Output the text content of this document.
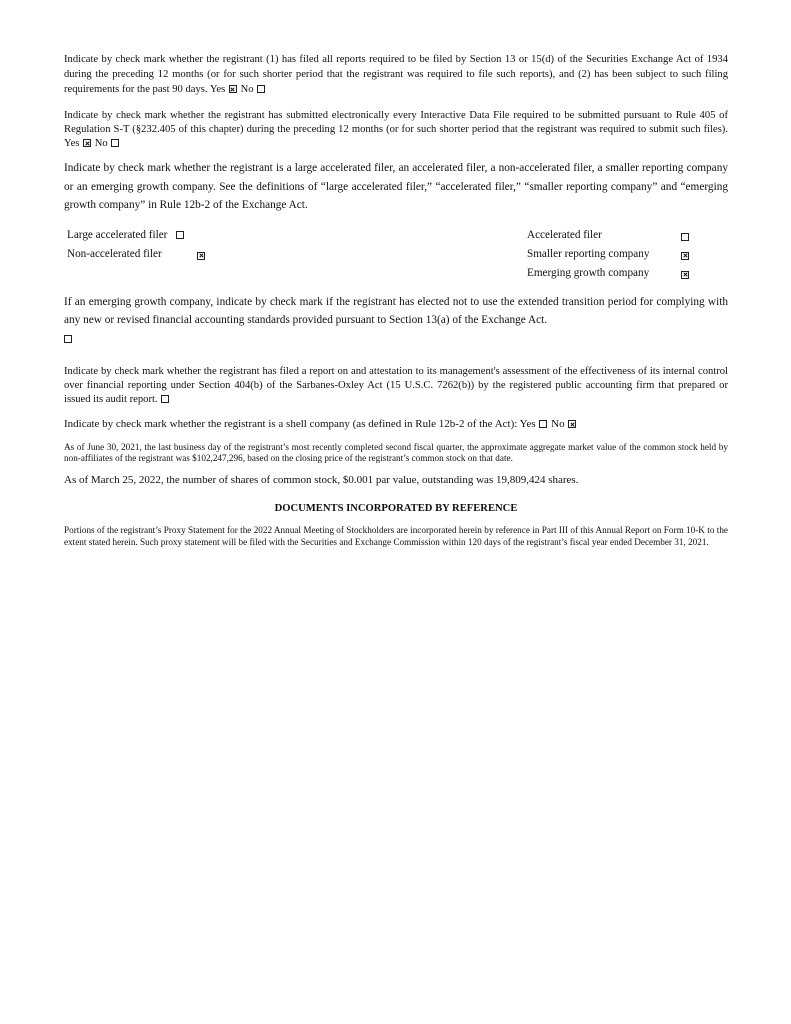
Indicate by check mark whether the registrant (1) has filed all reports required to be filed by Section 13 or 15(d) of the Securities Exchange Act of 1934 during the preceding 12 months (or for such shorter period that the registrant was required to file such reports), and (2) has been subject to such filing requirements for the past 90 days. Yes No

Indicate by check mark whether the registrant has submitted electronically every Interactive Data File required to be submitted pursuant to Rule 405 of Regulation S-T (§232.405 of this chapter) during the preceding 12 months (or for such shorter period that the registrant was required to submit such files). Yes No

Indicate by check mark whether the registrant is a large accelerated filer, an accelerated filer, a non-accelerated filer, a smaller reporting company or an emerging growth company. See the definitions of “large accelerated filer,” “accelerated filer,” “smaller reporting company” and “emerging growth company” in Rule 12b-2 of the Exchange Act.

Large accelerated filer
Non-accelerated filer
Accelerated filer
Smaller reporting company
Emerging growth company

If an emerging growth company, indicate by check mark if the registrant has elected not to use the extended transition period for complying with any new or revised financial accounting standards provided pursuant to Section 13(a) of the Exchange Act.

Indicate by check mark whether the registrant has filed a report on and attestation to its management's assessment of the effectiveness of its internal control over financial reporting under Section 404(b) of the Sarbanes-Oxley Act (15 U.S.C. 7262(b)) by the registered public accounting firm that prepared or issued its audit report.

Indicate by check mark whether the registrant is a shell company (as defined in Rule 12b-2 of the Act): Yes No

As of June 30, 2021, the last business day of the registrant’s most recently completed second fiscal quarter, the approximate aggregate market value of the common stock held by non-affiliates of the registrant was $102,247,296, based on the closing price of the registrant’s common stock on that date.

As of March 25, 2022, the number of shares of common stock, $0.001 par value, outstanding was 19,809,424 shares.

DOCUMENTS INCORPORATED BY REFERENCE

Portions of the registrant’s Proxy Statement for the 2022 Annual Meeting of Stockholders are incorporated herein by reference in Part III of this Annual Report on Form 10-K to the extent stated herein. Such proxy statement will be filed with the Securities and Exchange Commission within 120 days of the registrant’s fiscal year ended December 31, 2021.
